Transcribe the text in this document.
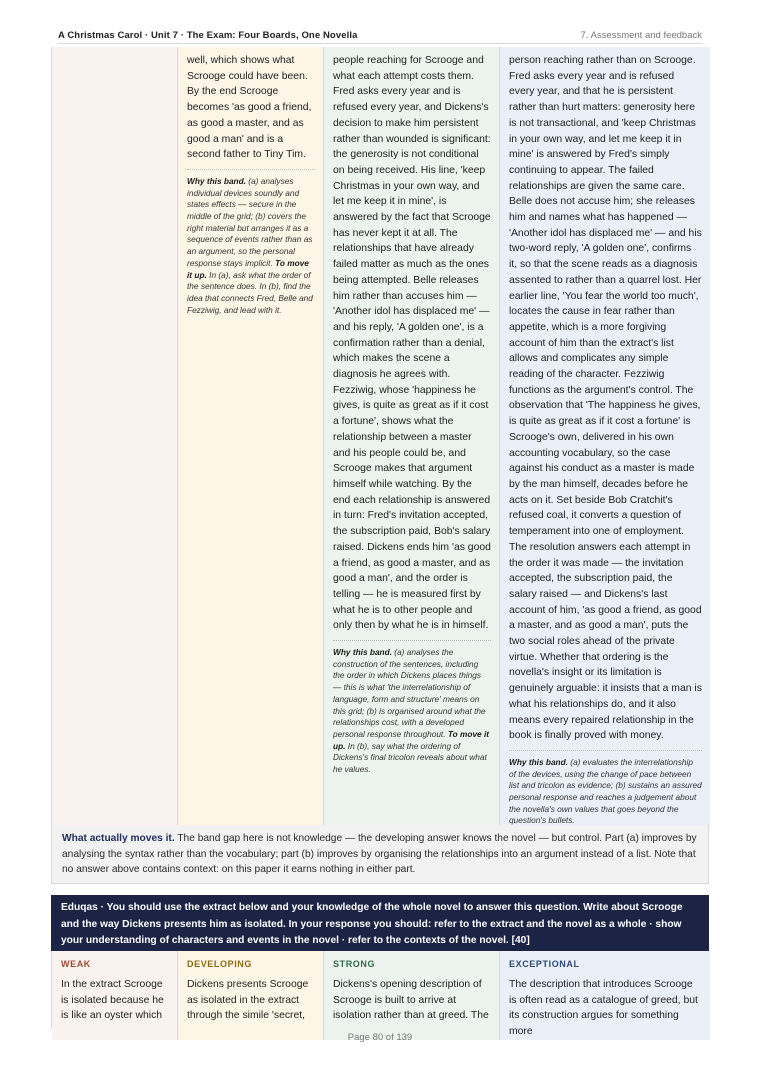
A Christmas Carol · Unit 7 · The Exam: Four Boards, One Novella	7. Assessment and feedback

well, which shows what Scrooge could have been. By the end Scrooge becomes 'as good a friend, as good a master, and as good a man' and is a second father to Tiny Tim.

Why this band. (a) analyses individual devices soundly and states effects — secure in the middle of the grid; (b) covers the right material but arranges it as a sequence of events rather than as an argument, so the personal response stays implicit. To move it up. In (a), ask what the order of the sentence does. In (b), find the idea that connects Fred, Belle and Fezziwig, and lead with it.

people reaching for Scrooge and what each attempt costs them. Fred asks every year and is refused every year, and Dickens's decision to make him persistent rather than wounded is significant: the generosity is not conditional on being received. His line, 'keep Christmas in your own way, and let me keep it in mine', is answered by the fact that Scrooge has never kept it at all. The relationships that have already failed matter as much as the ones being attempted. Belle releases him rather than accuses him — 'Another idol has displaced me' — and his reply, 'A golden one', is a confirmation rather than a denial, which makes the scene a diagnosis he agrees with. Fezziwig, whose 'happiness he gives, is quite as great as if it cost a fortune', shows what the relationship between a master and his people could be, and Scrooge makes that argument himself while watching. By the end each relationship is answered in turn: Fred's invitation accepted, the subscription paid, Bob's salary raised. Dickens ends him 'as good a friend, as good a master, and as good a man', and the order is telling — he is measured first by what he is to other people and only then by what he is in himself.

Why this band. (a) analyses the construction of the sentences, including the order in which Dickens places things — this is what 'the interrelationship of language, form and structure' means on this grid; (b) is organised around what the relationships cost, with a developed personal response throughout. To move it up. In (b), say what the ordering of Dickens's final tricolon reveals about what he values.

person reaching rather than on Scrooge. Fred asks every year and is refused every year, and that he is persistent rather than hurt matters: generosity here is not transactional, and 'keep Christmas in your own way, and let me keep it in mine' is answered by Fred's simply continuing to appear. The failed relationships are given the same care. Belle does not accuse him; she releases him and names what has happened — 'Another idol has displaced me' — and his two-word reply, 'A golden one', confirms it, so that the scene reads as a diagnosis assented to rather than a quarrel lost. Her earlier line, 'You fear the world too much', locates the cause in fear rather than appetite, which is a more forgiving account of him than the extract's list allows and complicates any simple reading of the character. Fezziwig functions as the argument's control. The observation that 'The happiness he gives, is quite as great as if it cost a fortune' is Scrooge's own, delivered in his own accounting vocabulary, so the case against his conduct as a master is made by the man himself, decades before he acts on it. Set beside Bob Cratchit's refused coal, it converts a question of temperament into one of employment. The resolution answers each attempt in the order it was made — the invitation accepted, the subscription paid, the salary raised — and Dickens's last account of him, 'as good a friend, as good a master, and as good a man', puts the two social roles ahead of the private virtue. Whether that ordering is the novella's insight or its limitation is genuinely arguable: it insists that a man is what his relationships do, and it also means every repaired relationship in the book is finally proved with money.

Why this band. (a) evaluates the interrelationship of the devices, using the change of pace between list and tricolon as evidence; (b) sustains an assured personal response and reaches a judgement about the novella's own values that goes beyond the question's bullets.

What actually moves it. The band gap here is not knowledge — the developing answer knows the novel — but control. Part (a) improves by analysing the syntax rather than the vocabulary; part (b) improves by organising the relationships into an argument instead of a list. Note that no answer above contains context: on this paper it earns nothing in either part.
Eduqas · You should use the extract below and your knowledge of the whole novel to answer this question. Write about Scrooge and the way Dickens presents him as isolated. In your response you should: refer to the extract and the novel as a whole · show your understanding of characters and events in the novel · refer to the contexts of the novel. [40]
WEAK

In the extract Scrooge is isolated because he is like an oyster which

DEVELOPING

Dickens presents Scrooge as isolated in the extract through the simile 'secret,

STRONG

Dickens's opening description of Scrooge is built to arrive at isolation rather than at greed. The

EXCEPTIONAL

The description that introduces Scrooge is often read as a catalogue of greed, but its construction argues for something more

Page 80 of 139
